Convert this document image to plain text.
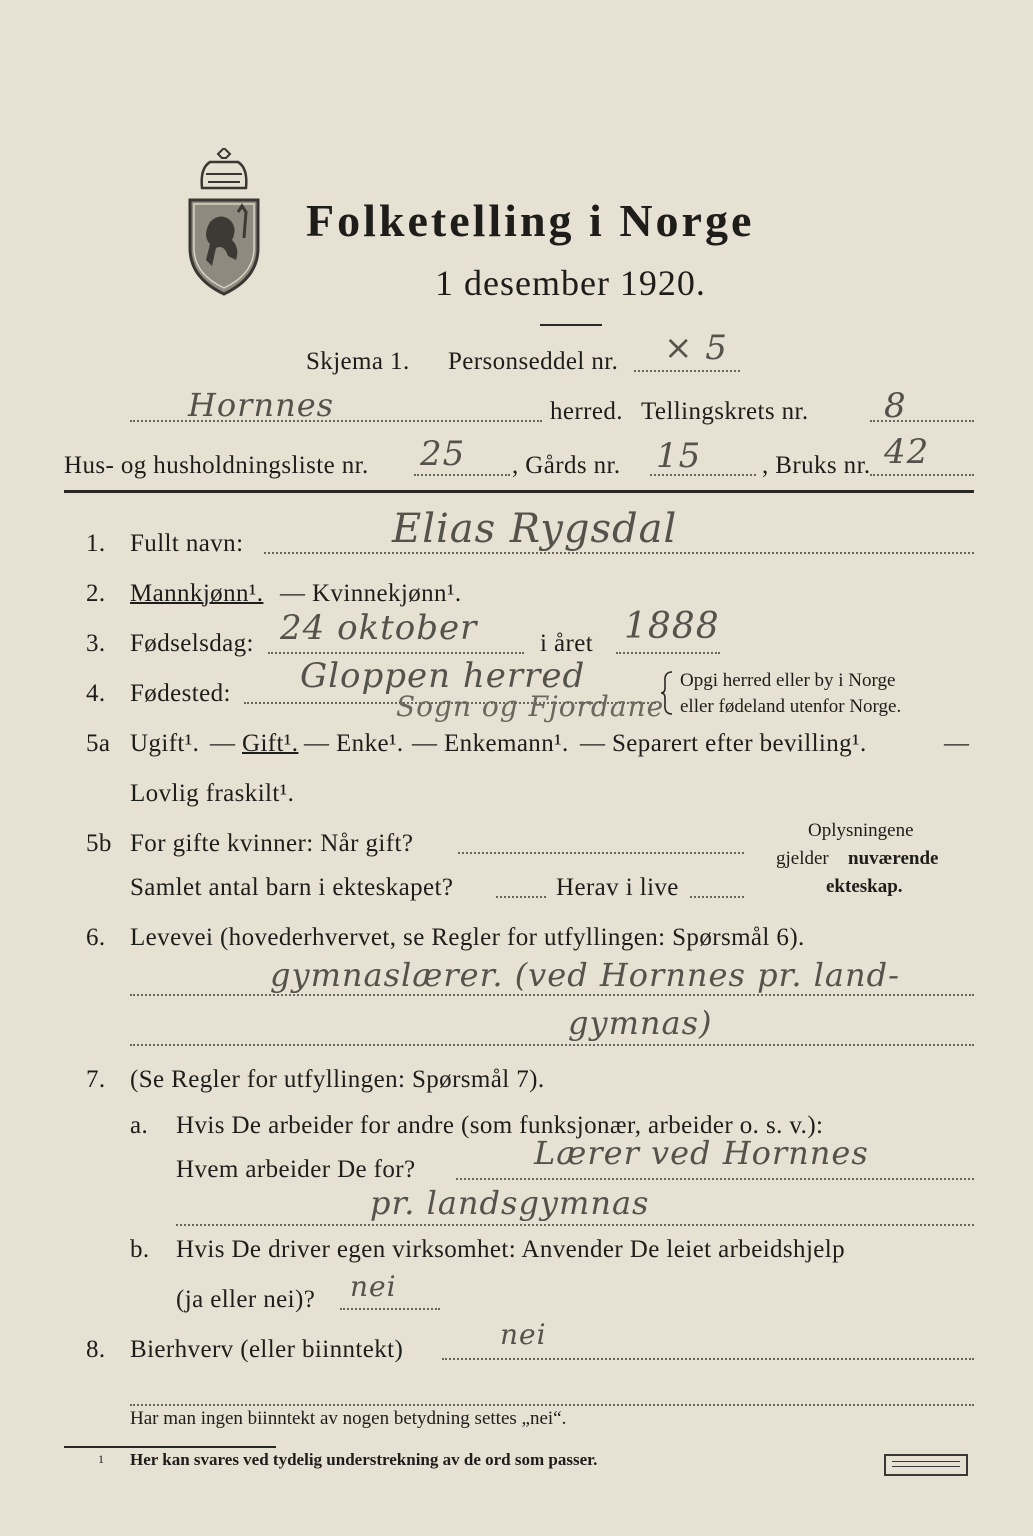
Folketelling i Norge
1 desember 1920.
Skjema 1. Personseddel nr. × 5
Hornnes	herred. Tellingskrets nr. 8
Hus- og husholdningsliste nr. 25 , Gårds nr. 15 , Bruks nr. 42
1. Fullt navn:	Elias Rygsdal
2. Mannkjønn¹. — Kvinnekjønn¹.
3. Fødselsdag: 24 oktober	i året 1888
4. Fødested: Gloppen herred
Sogn og Fjordane
Opgi herred eller by i Norge
eller fødeland utenfor Norge.
5a Ugift¹. — Gift¹. — Enke¹. — Enkemann¹. — Separert efter bevilling¹.	—
Lovlig fraskilt¹.
5b For gifte kvinner: Når gift?
Samlet antal barn i ekteskapet?	Herav i live
Oplysningene
gjelder nuværende
ekteskap.
6. Levevei (hovederhvervet, se Regler for utfyllingen: Spørsmål 6).
gymnaslærer. (ved Hornnes pr. land-
gymnas)
7. (Se Regler for utfyllingen: Spørsmål 7).
a. Hvis De arbeider for andre (som funksjonær, arbeider o. s. v.):
Hvem arbeider De for?	Lærer ved Hornnes
pr. landsgymnas
b. Hvis De driver egen virksomhet: Anvender De leiet arbeidshjelp
(ja eller nei)? nei
8. Bierhverv (eller biinntekt)	nei
Har man ingen biinntekt av nogen betydning settes „nei“.
1 Her kan svares ved tydelig understrekning av de ord som passer.
